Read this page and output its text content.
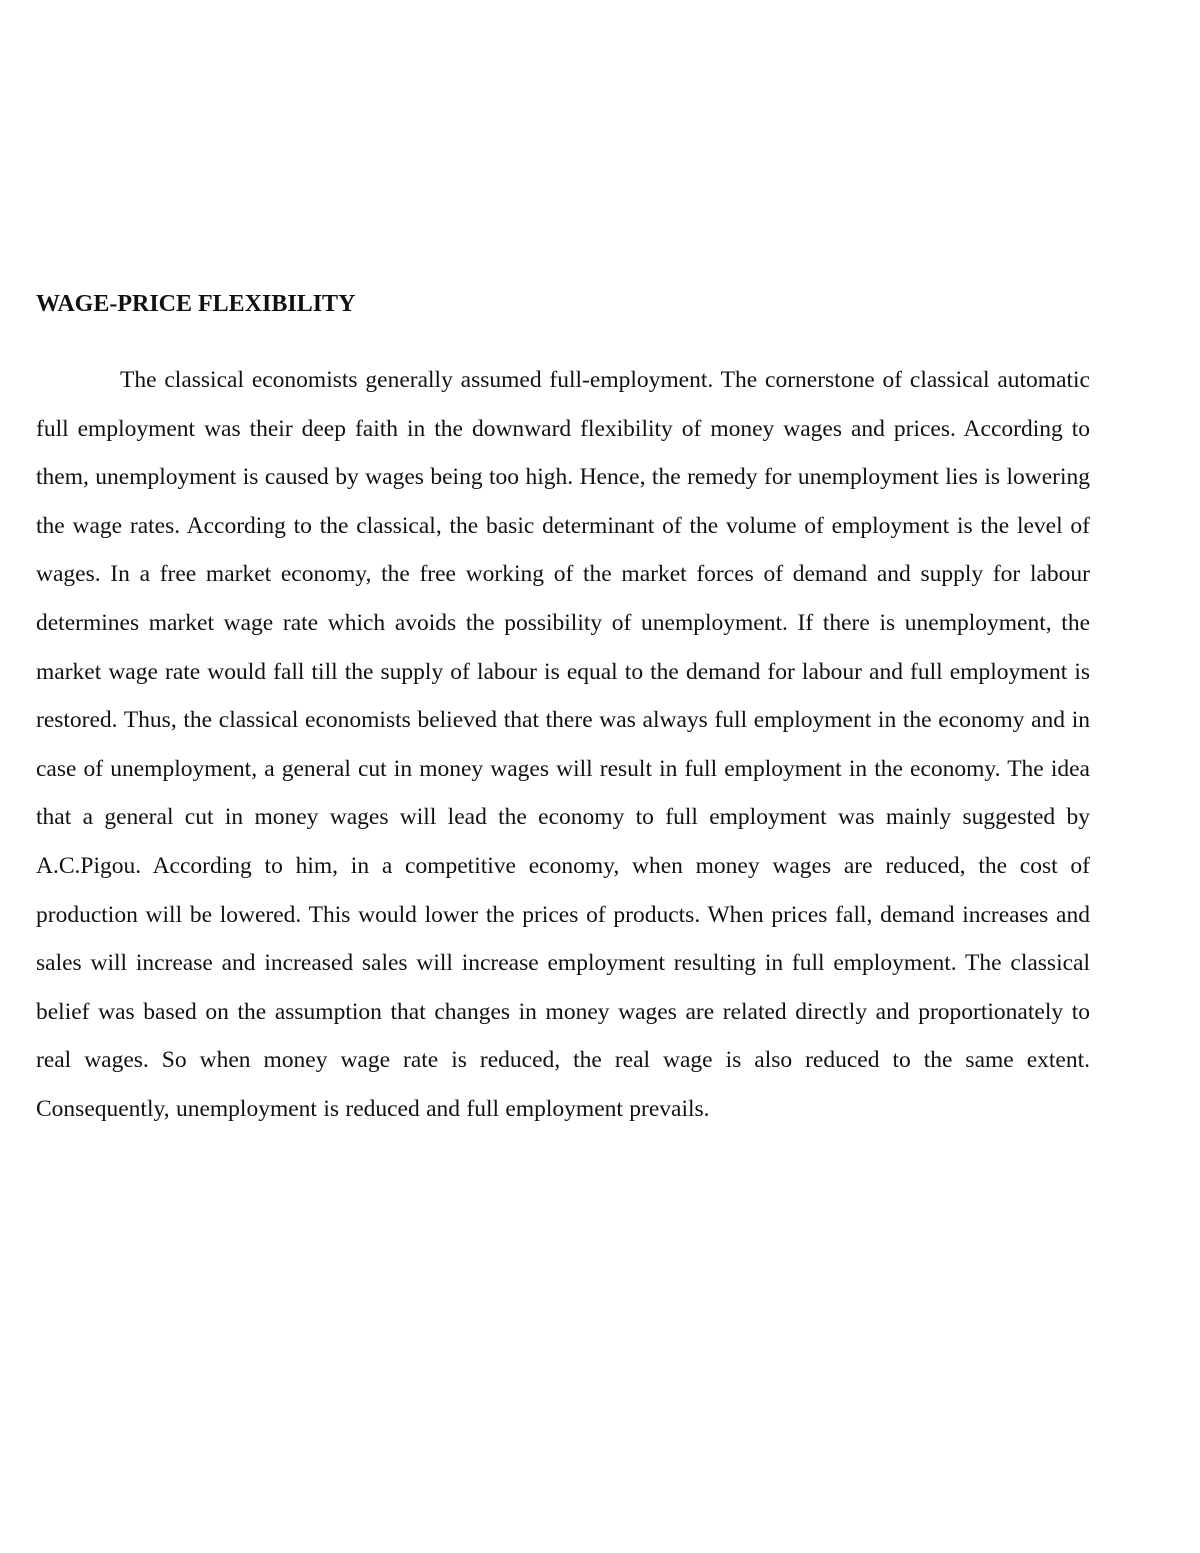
WAGE-PRICE FLEXIBILITY

The classical economists generally assumed full-employment. The cornerstone of classical automatic full employment was their deep faith in the downward flexibility of money wages and prices. According to them, unemployment is caused by wages being too high. Hence, the remedy for unemployment lies is lowering the wage rates. According to the classical, the basic determinant of the volume of employment is the level of wages. In a free market economy, the free working of the market forces of demand and supply for labour determines market wage rate which avoids the possibility of unemployment. If there is unemployment, the market wage rate would fall till the supply of labour is equal to the demand for labour and full employment is restored. Thus, the classical economists believed that there was always full employment in the economy and in case of unemployment, a general cut in money wages will result in full employment in the economy. The idea that a general cut in money wages will lead the economy to full employment was mainly suggested by A.C.Pigou. According to him, in a competitive economy, when money wages are reduced, the cost of production will be lowered. This would lower the prices of products. When prices fall, demand increases and sales will increase and increased sales will increase employment resulting in full employment. The classical belief was based on the assumption that changes in money wages are related directly and proportionately to real wages. So when money wage rate is reduced, the real wage is also reduced to the same extent. Consequently, unemployment is reduced and full employment prevails.
